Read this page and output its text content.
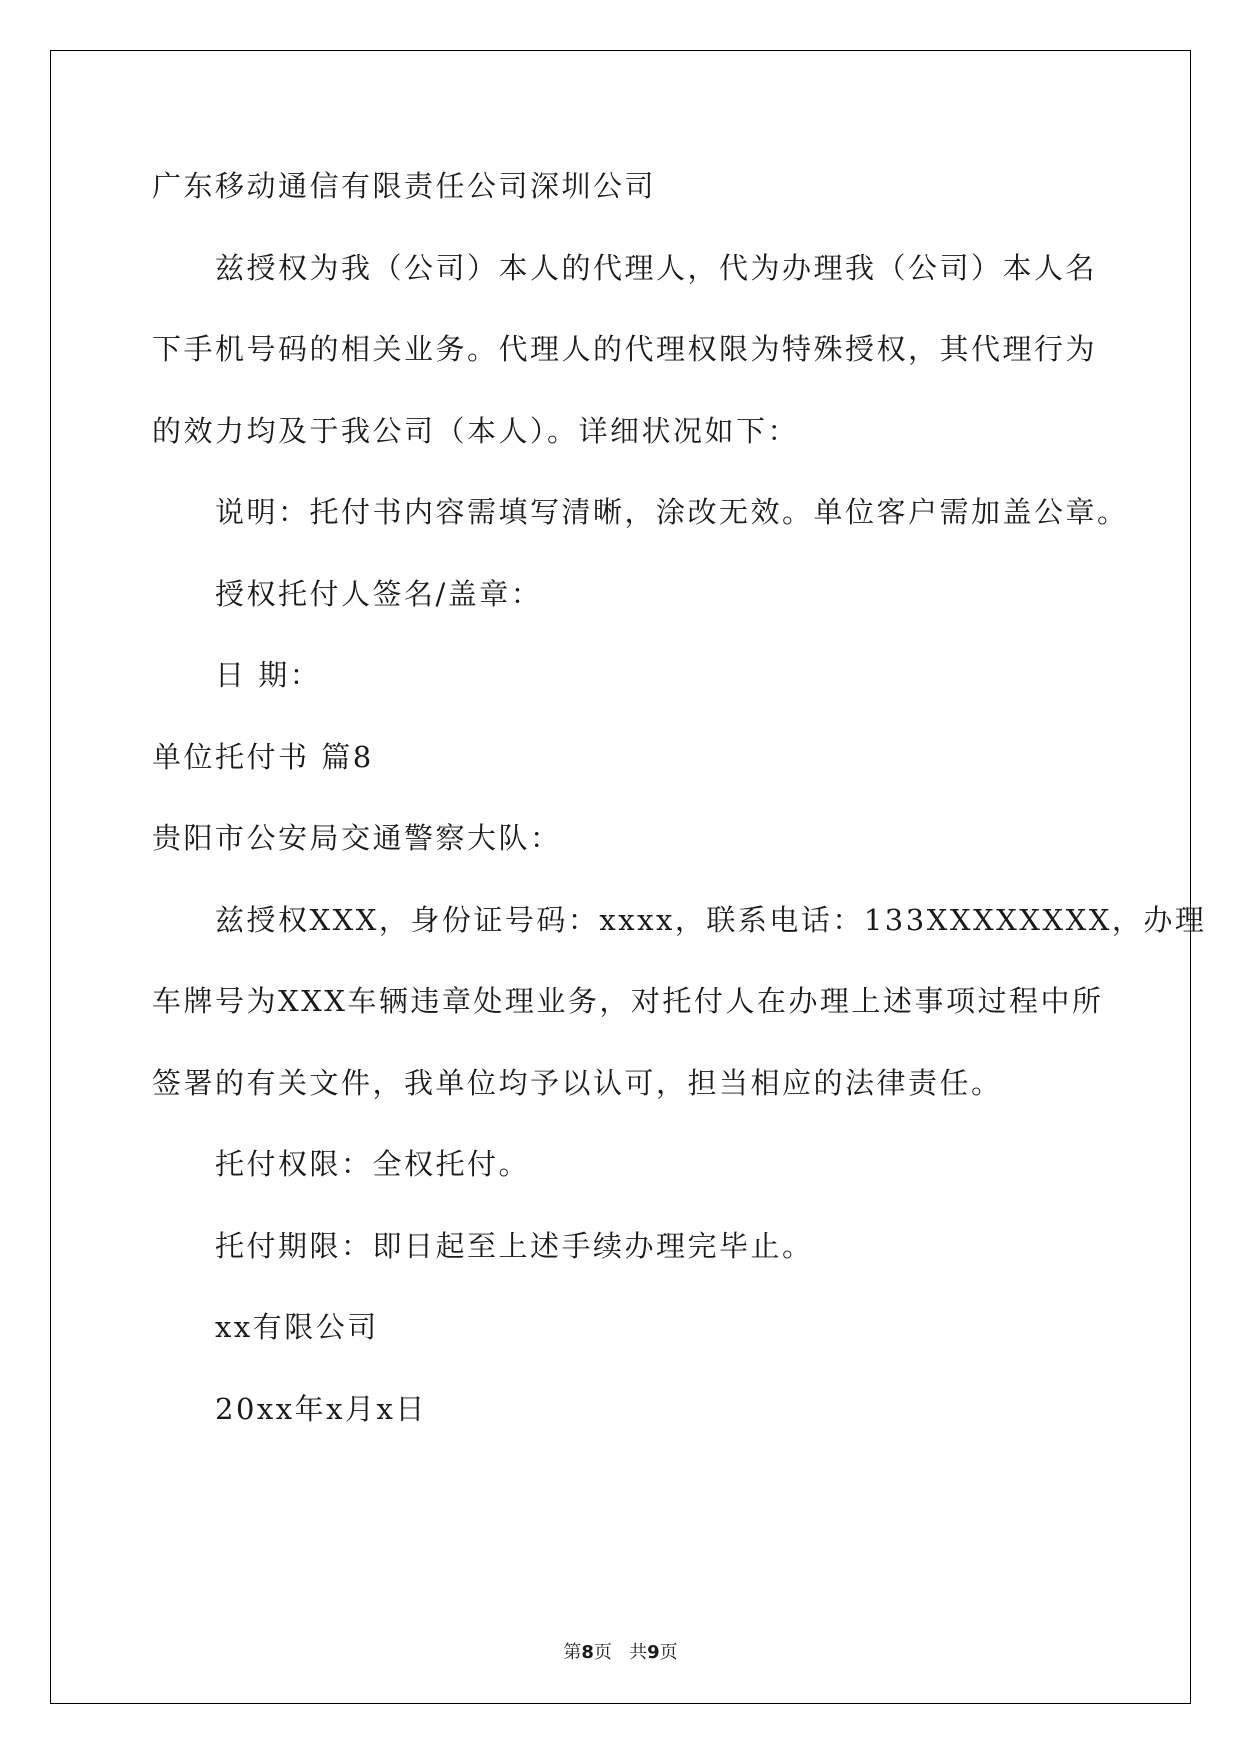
广东移动通信有限责任公司深圳公司
兹授权为我（公司）本人的代理人，代为办理我（公司）本人名
下手机号码的相关业务。代理人的代理权限为特殊授权，其代理行为
的效力均及于我公司（本人）。详细状况如下：
说明：托付书内容需填写清晰，涂改无效。单位客户需加盖公章。
授权托付人签名/盖章：
日 期：
单位托付书 篇8
贵阳市公安局交通警察大队：
兹授权XXX，身份证号码：xxxx，联系电话：133XXXXXXXX，办理
车牌号为XXX车辆违章处理业务，对托付人在办理上述事项过程中所
签署的有关文件，我单位均予以认可，担当相应的法律责任。
托付权限：全权托付。
托付期限：即日起至上述手续办理完毕止。
xx有限公司
20xx年x月x日
第8页   共9页
